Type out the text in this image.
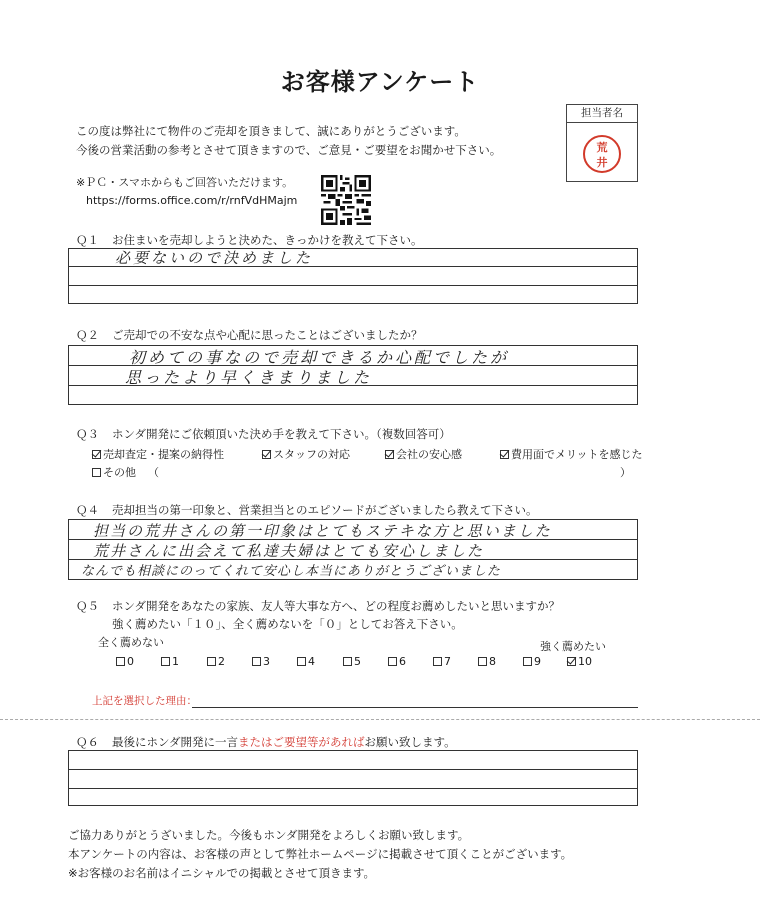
お客様アンケート
この度は弊社にて物件のご売却を頂きまして、誠にありがとうございます。
今後の営業活動の参考とさせて頂きますので、ご意見・ご要望をお聞かせ下さい。
担当者名
荒井
※ＰＣ・スマホからもご回答いただけます。
https://forms.office.com/r/rnfVdHMajm
Ｑ１ お住まいを売却しようと決めた、きっかけを教えて下さい。
必要ないので決めました
Ｑ２ ご売却での不安な点や心配に思ったことはございましたか？
初めての事なので売却できるか心配でしたが
思ったより早くきまりました
Ｑ３ ホンダ開発にご依頼頂いた決め手を教えて下さい。（複数回答可）
売却査定・提案の納得性	スタッフの対応	会社の安心感	費用面でメリットを感じた
その他 （	）
Ｑ４ 売却担当の第一印象と、営業担当とのエピソードがございましたら教えて下さい。
担当の荒井さんの第一印象はとてもステキな方と思いました
荒井さんに出会えて私達夫婦はとても安心しました
なんでも相談にのってくれて安心し本当にありがとうございました
Ｑ５ ホンダ開発をあなたの家族、友人等大事な方へ、どの程度お薦めしたいと思いますか？
強く薦めたい「１０」、全く薦めないを「０」としてお答え下さい。
全く薦めない	強く薦めたい
0	1	2	3	4	5	6	7	8	9	10
上記を選択した理由：
Ｑ６ 最後にホンダ開発に一言またはご要望等があればお願い致します。
ご協力ありがとうざいました。今後もホンダ開発をよろしくお願い致します。
本アンケートの内容は、お客様の声として弊社ホームページに掲載させて頂くことがございます。
※お客様のお名前はイニシャルでの掲載とさせて頂きます。
